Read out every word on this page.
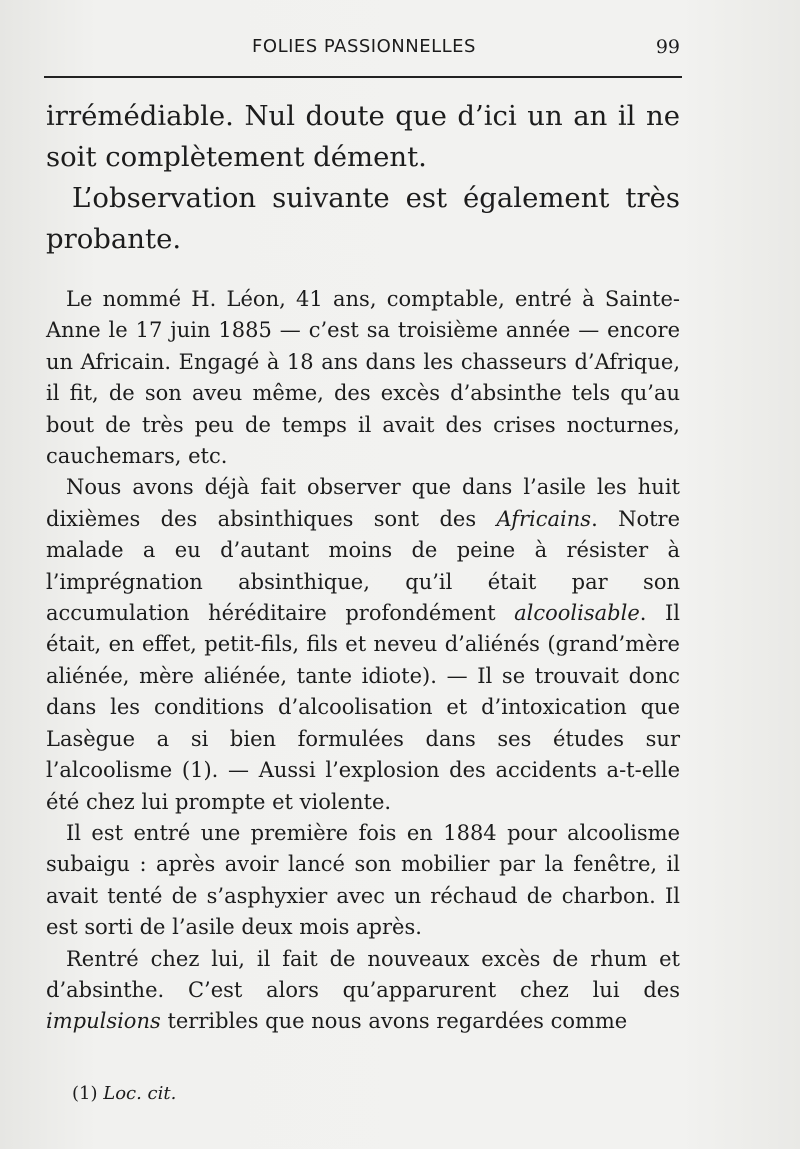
FOLIES PASSIONNELLES	99

irrémédiable. Nul doute que d’ici un an il ne soit complètement dément.

L’observation suivante est également très probante.

Le nommé H. Léon, 41 ans, comptable, entré à Sainte-Anne le 17 juin 1885 — c’est sa troisième année — encore un Africain. Engagé à 18 ans dans les chasseurs d’Afrique, il fit, de son aveu même, des excès d’absinthe tels qu’au bout de très peu de temps il avait des crises nocturnes, cauchemars, etc.

Nous avons déjà fait observer que dans l’asile les huit dixièmes des absinthiques sont des Africains. Notre malade a eu d’autant moins de peine à résister à l’imprégnation absinthique, qu’il était par son accumulation héréditaire profondément alcoolisable. Il était, en effet, petit-fils, fils et neveu d’aliénés (grand’mère aliénée, mère aliénée, tante idiote). — Il se trouvait donc dans les conditions d’alcoolisation et d’intoxication que Lasègue a si bien formulées dans ses études sur l’alcoolisme (1). — Aussi l’explosion des accidents a-t-elle été chez lui prompte et violente.

Il est entré une première fois en 1884 pour alcoolisme subaigu : après avoir lancé son mobilier par la fenêtre, il avait tenté de s’asphyxier avec un réchaud de charbon. Il est sorti de l’asile deux mois après.

Rentré chez lui, il fait de nouveaux excès de rhum et d’absinthe. C’est alors qu’apparurent chez lui des impulsions terribles que nous avons regardées comme

(1) Loc. cit.
